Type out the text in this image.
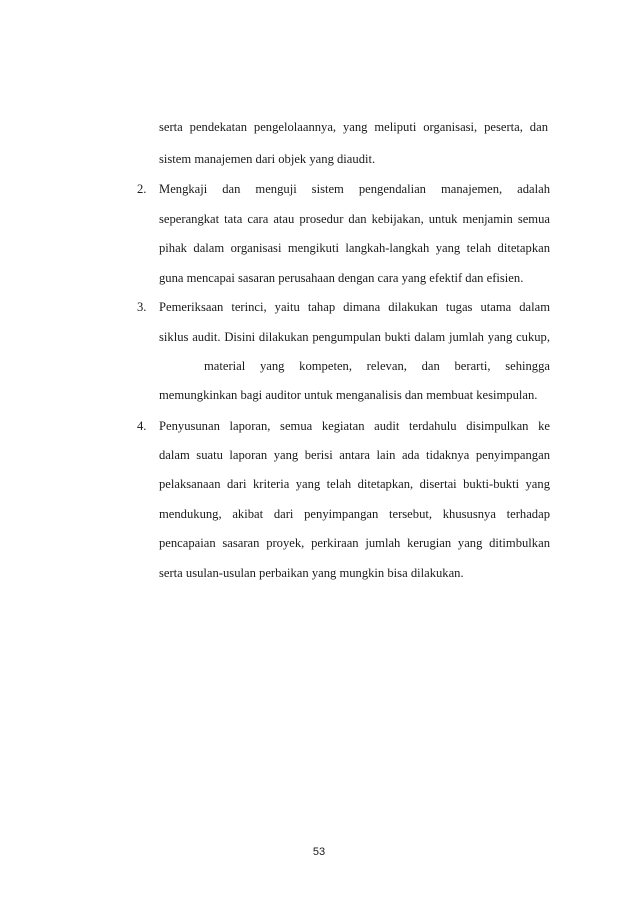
serta pendekatan pengelolaannya, yang meliputi organisasi, peserta, dan
sistem manajemen dari objek yang diaudit.
2. Mengkaji dan menguji sistem pengendalian manajemen, adalah
seperangkat tata cara atau prosedur dan kebijakan, untuk menjamin semua
pihak dalam organisasi mengikuti langkah-langkah yang telah ditetapkan
guna mencapai sasaran perusahaan dengan cara yang efektif dan efisien.
3. Pemeriksaan terinci, yaitu tahap dimana dilakukan tugas utama dalam
siklus audit. Disini dilakukan pengumpulan bukti dalam jumlah yang cukup,
material yang kompeten, relevan, dan berarti, sehingga
memungkinkan bagi auditor untuk menganalisis dan membuat kesimpulan.
4. Penyusunan laporan, semua kegiatan audit terdahulu disimpulkan ke
dalam suatu laporan yang berisi antara lain ada tidaknya penyimpangan
pelaksanaan dari kriteria yang telah ditetapkan, disertai bukti-bukti yang
mendukung, akibat dari penyimpangan tersebut, khususnya terhadap
pencapaian sasaran proyek, perkiraan jumlah kerugian yang ditimbulkan
serta usulan-usulan perbaikan yang mungkin bisa dilakukan.
53
